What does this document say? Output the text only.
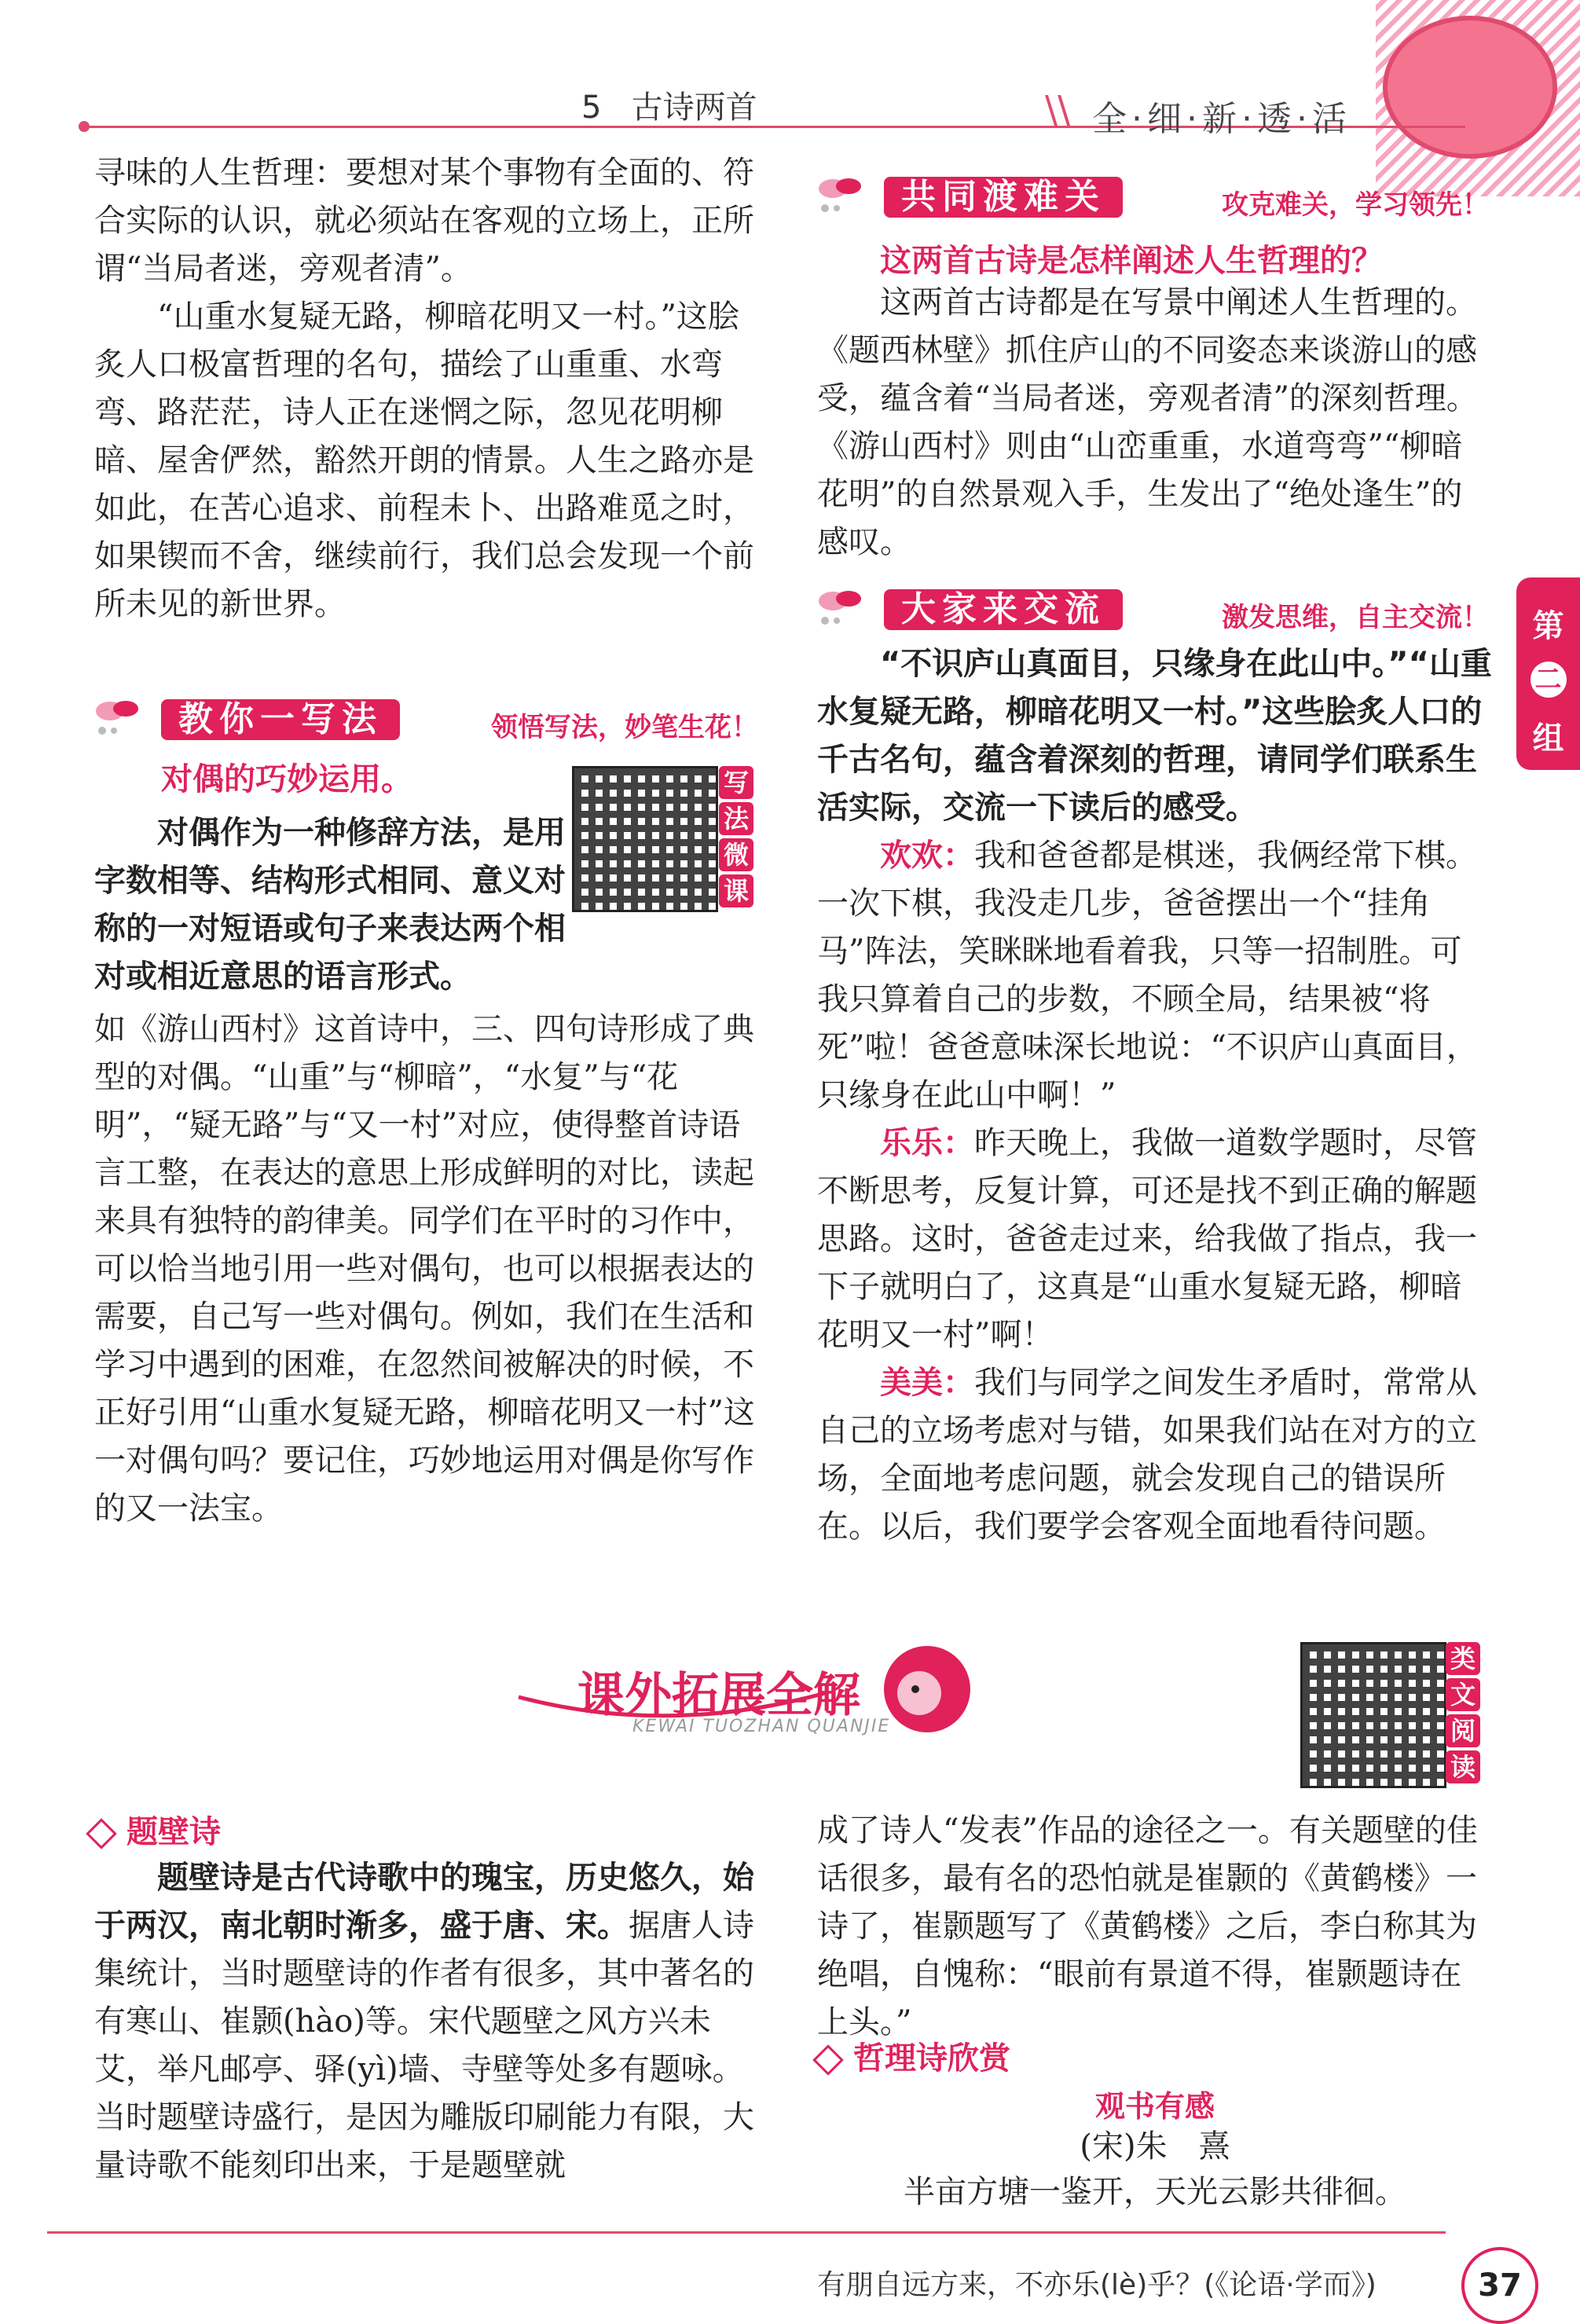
5 古诗两首	\\ 全·细·新·透·活
第
二
组

寻味的人生哲理：要想对某个事物有全面的、符合实际的认识，就必须站在客观的立场上，正所谓“当局者迷，旁观者清”。

“山重水复疑无路，柳暗花明又一村。”这脍炙人口极富哲理的名句，描绘了山重重、水弯弯、路茫茫，诗人正在迷惘之际，忽见花明柳暗、屋舍俨然，豁然开朗的情景。人生之路亦是如此，在苦心追求、前程未卜、出路难觅之时，如果锲而不舍，继续前行，我们总会发现一个前所未见的新世界。

教你一写法	领悟写法，妙笔生花！
对偶的巧妙运用。	写
法
微
课

对偶作为一种修辞方法，是用字数相等、结构形式相同、意义对称的一对短语或句子来表达两个相对或相近意思的语言形式。

如《游山西村》这首诗中，三、四句诗形成了典型的对偶。“山重”与“柳暗”，“水复”与“花明”，“疑无路”与“又一村”对应，使得整首诗语言工整，在表达的意思上形成鲜明的对比，读起来具有独特的韵律美。同学们在平时的习作中，可以恰当地引用一些对偶句，也可以根据表达的需要，自己写一些对偶句。例如，我们在生活和学习中遇到的困难，在忽然间被解决的时候，不正好引用“山重水复疑无路，柳暗花明又一村”这一对偶句吗？要记住，巧妙地运用对偶是你写作的又一法宝。

共同渡难关	攻克难关，学习领先！
这两首古诗是怎样阐述人生哲理的？

这两首古诗都是在写景中阐述人生哲理的。《题西林壁》抓住庐山的不同姿态来谈游山的感受，蕴含着“当局者迷，旁观者清”的深刻哲理。《游山西村》则由“山峦重重，水道弯弯”“柳暗花明”的自然景观入手，生发出了“绝处逢生”的感叹。

大家来交流	激发思维，自主交流！

“不识庐山真面目，只缘身在此山中。”“山重水复疑无路，柳暗花明又一村。”这些脍炙人口的千古名句，蕴含着深刻的哲理，请同学们联系生活实际，交流一下读后的感受。

欢欢：我和爸爸都是棋迷，我俩经常下棋。一次下棋，我没走几步，爸爸摆出一个“挂角马”阵法，笑眯眯地看着我，只等一招制胜。可我只算着自己的步数，不顾全局，结果被“将死”啦！爸爸意味深长地说：“不识庐山真面目，只缘身在此山中啊！”

乐乐：昨天晚上，我做一道数学题时，尽管不断思考，反复计算，可还是找不到正确的解题思路。这时，爸爸走过来，给我做了指点，我一下子就明白了，这真是“山重水复疑无路，柳暗花明又一村”啊！

美美：我们与同学之间发生矛盾时，常常从自己的立场考虑对与错，如果我们站在对方的立场，全面地考虑问题，就会发现自己的错误所在。以后，我们要学会客观全面地看待问题。

课外拓展全解
KEWAI TUOZHAN QUANJIE
类
文
阅
读
题壁诗

题壁诗是古代诗歌中的瑰宝，历史悠久，始于两汉，南北朝时渐多，盛于唐、宋。据唐人诗集统计，当时题壁诗的作者有很多，其中著名的有寒山、崔颢(hào)等。宋代题壁之风方兴未艾，举凡邮亭、驿(yì)墙、寺壁等处多有题咏。当时题壁诗盛行，是因为雕版印刷能力有限，大量诗歌不能刻印出来，于是题壁就

成了诗人“发表”作品的途径之一。有关题壁的佳话很多，最有名的恐怕就是崔颢的《黄鹤楼》一诗了，崔颢题写了《黄鹤楼》之后，李白称其为绝唱，自愧称：“眼前有景道不得，崔颢题诗在上头。”

哲理诗欣赏
观书有感
(宋)朱　熹
半亩方塘一鉴开，天光云影共徘徊。
有朋自远方来，不亦乐(lè)乎？(《论语·学而》)	37
